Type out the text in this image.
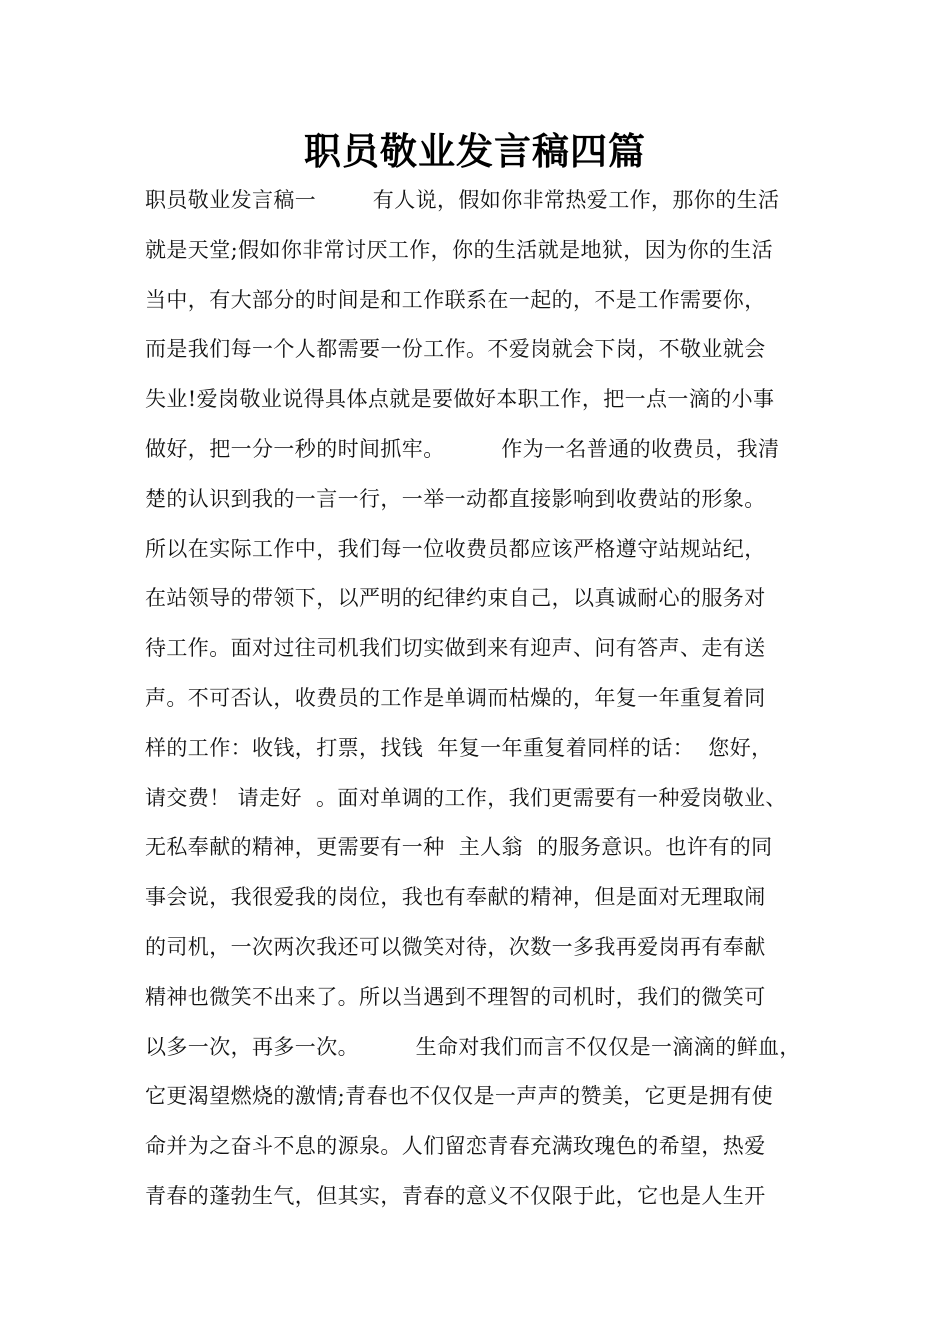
职员敬业发言稿四篇
职员敬业发言稿一        有人说，假如你非常热爱工作，那你的生活
就是天堂;假如你非常讨厌工作，你的生活就是地狱，因为你的生活
当中，有大部分的时间是和工作联系在一起的，不是工作需要你，
而是我们每一个人都需要一份工作。不爱岗就会下岗，不敬业就会
失业!爱岗敬业说得具体点就是要做好本职工作，把一点一滴的小事
做好，把一分一秒的时间抓牢。        作为一名普通的收费员，我清
楚的认识到我的一言一行，一举一动都直接影响到收费站的形象。
所以在实际工作中，我们每一位收费员都应该严格遵守站规站纪，
在站领导的带领下，以严明的纪律约束自己，以真诚耐心的服务对
待工作。面对过往司机我们切实做到来有迎声、问有答声、走有送
声。不可否认，收费员的工作是单调而枯燥的，年复一年重复着同
样的工作：收钱，打票，找钱  年复一年重复着同样的话：  您好，
请交费！ 请走好  。面对单调的工作，我们更需要有一种爱岗敬业、
无私奉献的精神，更需要有一种  主人翁  的服务意识。也许有的同
事会说，我很爱我的岗位，我也有奉献的精神，但是面对无理取闹
的司机，一次两次我还可以微笑对待，次数一多我再爱岗再有奉献
精神也微笑不出来了。所以当遇到不理智的司机时，我们的微笑可
以多一次，再多一次。        生命对我们而言不仅仅是一滴滴的鲜血，
它更渴望燃烧的激情;青春也不仅仅是一声声的赞美，它更是拥有使
命并为之奋斗不息的源泉。人们留恋青春充满玫瑰色的希望，热爱
青春的蓬勃生气，但其实，青春的意义不仅限于此，它也是人生开
